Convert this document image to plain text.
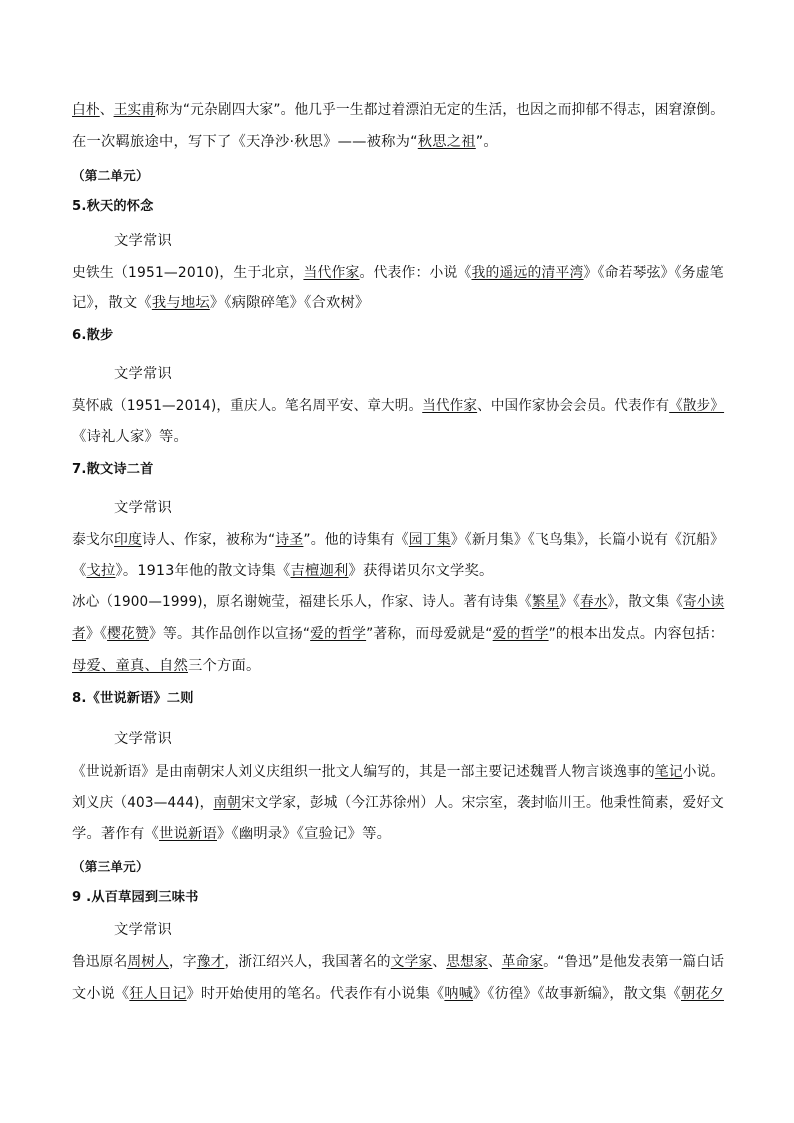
白朴、王实甫称为“元杂剧四大家”。他几乎一生都过着漂泊无定的生活，也因之而抑郁不得志，困窘潦倒。
在一次羁旅途中，写下了《天净沙·秋思》——被称为“秋思之祖”。
（第二单元）
5.秋天的怀念
文学常识
史铁生（1951—2010)，生于北京，当代作家。代表作：小说《我的遥远的清平湾》《命若琴弦》《务虚笔
记》，散文《我与地坛》《病隙碎笔》《合欢树》
6.散步
文学常识
莫怀戚（1951—2014)，重庆人。笔名周平安、章大明。当代作家、中国作家协会会员。代表作有《散步》
《诗礼人家》等。
7.散文诗二首
文学常识
泰戈尔印度诗人、作家，被称为“诗圣”。他的诗集有《园丁集》《新月集》《飞鸟集》，长篇小说有《沉船》
《戈拉》。1913年他的散文诗集《吉檀迦利》获得诺贝尔文学奖。
冰心（1900—1999)，原名谢婉莹，福建长乐人，作家、诗人。著有诗集《繁星》《春水》，散文集《寄小读
者》《樱花赞》等。其作品创作以宣扬“爱的哲学”著称，而母爱就是“爱的哲学”的根本出发点。内容包括：
母爱、童真、自然三个方面。
8.《世说新语》二则
文学常识
《世说新语》是由南朝宋人刘义庆组织一批文人编写的，其是一部主要记述魏晋人物言谈逸事的笔记小说。
刘义庆（403—444)，南朝宋文学家，彭城（今江苏徐州）人。宋宗室，袭封临川王。他秉性简素，爱好文
学。著作有《世说新语》《幽明录》《宣验记》等。
（第三单元）
9 .从百草园到三味书
文学常识
鲁迅原名周树人，字豫才，浙江绍兴人，我国著名的文学家、思想家、革命家。“鲁迅”是他发表第一篇白话
文小说《狂人日记》时开始使用的笔名。代表作有小说集《呐喊》《彷徨》《故事新编》，散文集《朝花夕
